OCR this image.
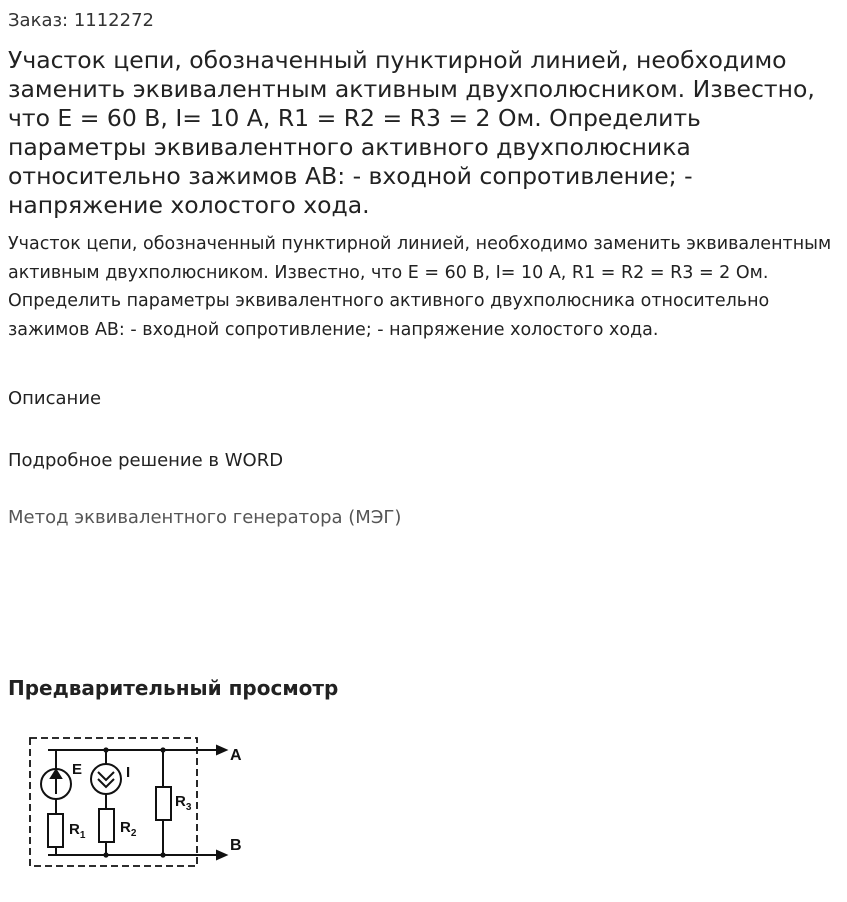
Заказ: 1112272
Участок цепи, обозначенный пунктирной линией, необходимо заменить эквивалентным активным двухполюсником. Известно, что E = 60 В, I= 10 А, R1 = R2 = R3 = 2 Ом. Определить параметры эквивалентного активного двухполюсника относительно зажимов АВ: - входной сопротивление; - напряжение холостого хода.

Участок цепи, обозначенный пунктирной линией, необходимо заменить эквивалентным активным двухполюсником. Известно, что E = 60 В, I= 10 А, R1 = R2 = R3 = 2 Ом. Определить параметры эквивалентного активного двухполюсника относительно зажимов АВ: - входной сопротивление; - напряжение холостого хода.

Описание
Подробное решение в WORD
Метод эквивалентного генератора (МЭГ)
Предварительный просмотр
E	I
$R_1$ $R_2$
$R_3$
A
B
